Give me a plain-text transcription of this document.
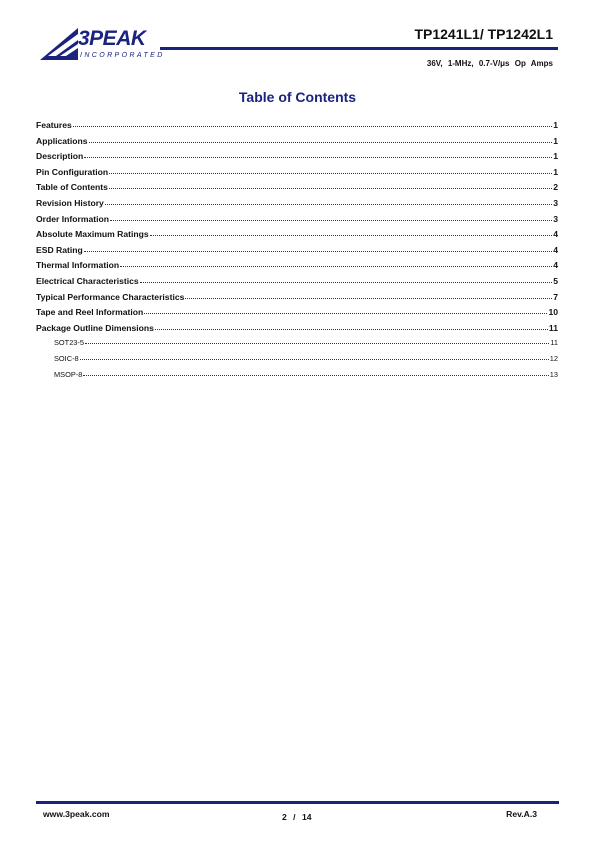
3PEAK
INCORPORATED
TP1241L1/ TP1242L1
36V, 1-MHz, 0.7-V/μs Op Amps
Table of Contents
Features	1
Applications	1
Description	1
Pin Configuration	1
Table of Contents	2
Revision History	3
Order Information	3
Absolute Maximum Ratings	4
ESD Rating	4
Thermal Information	4
Electrical Characteristics	5
Typical Performance Characteristics	7
Tape and Reel Information	10
Package Outline Dimensions	11
SOT23-5	11
SOIC-8	12
MSOP-8	13
www.3peak.com	2 / 14	Rev.A.3
